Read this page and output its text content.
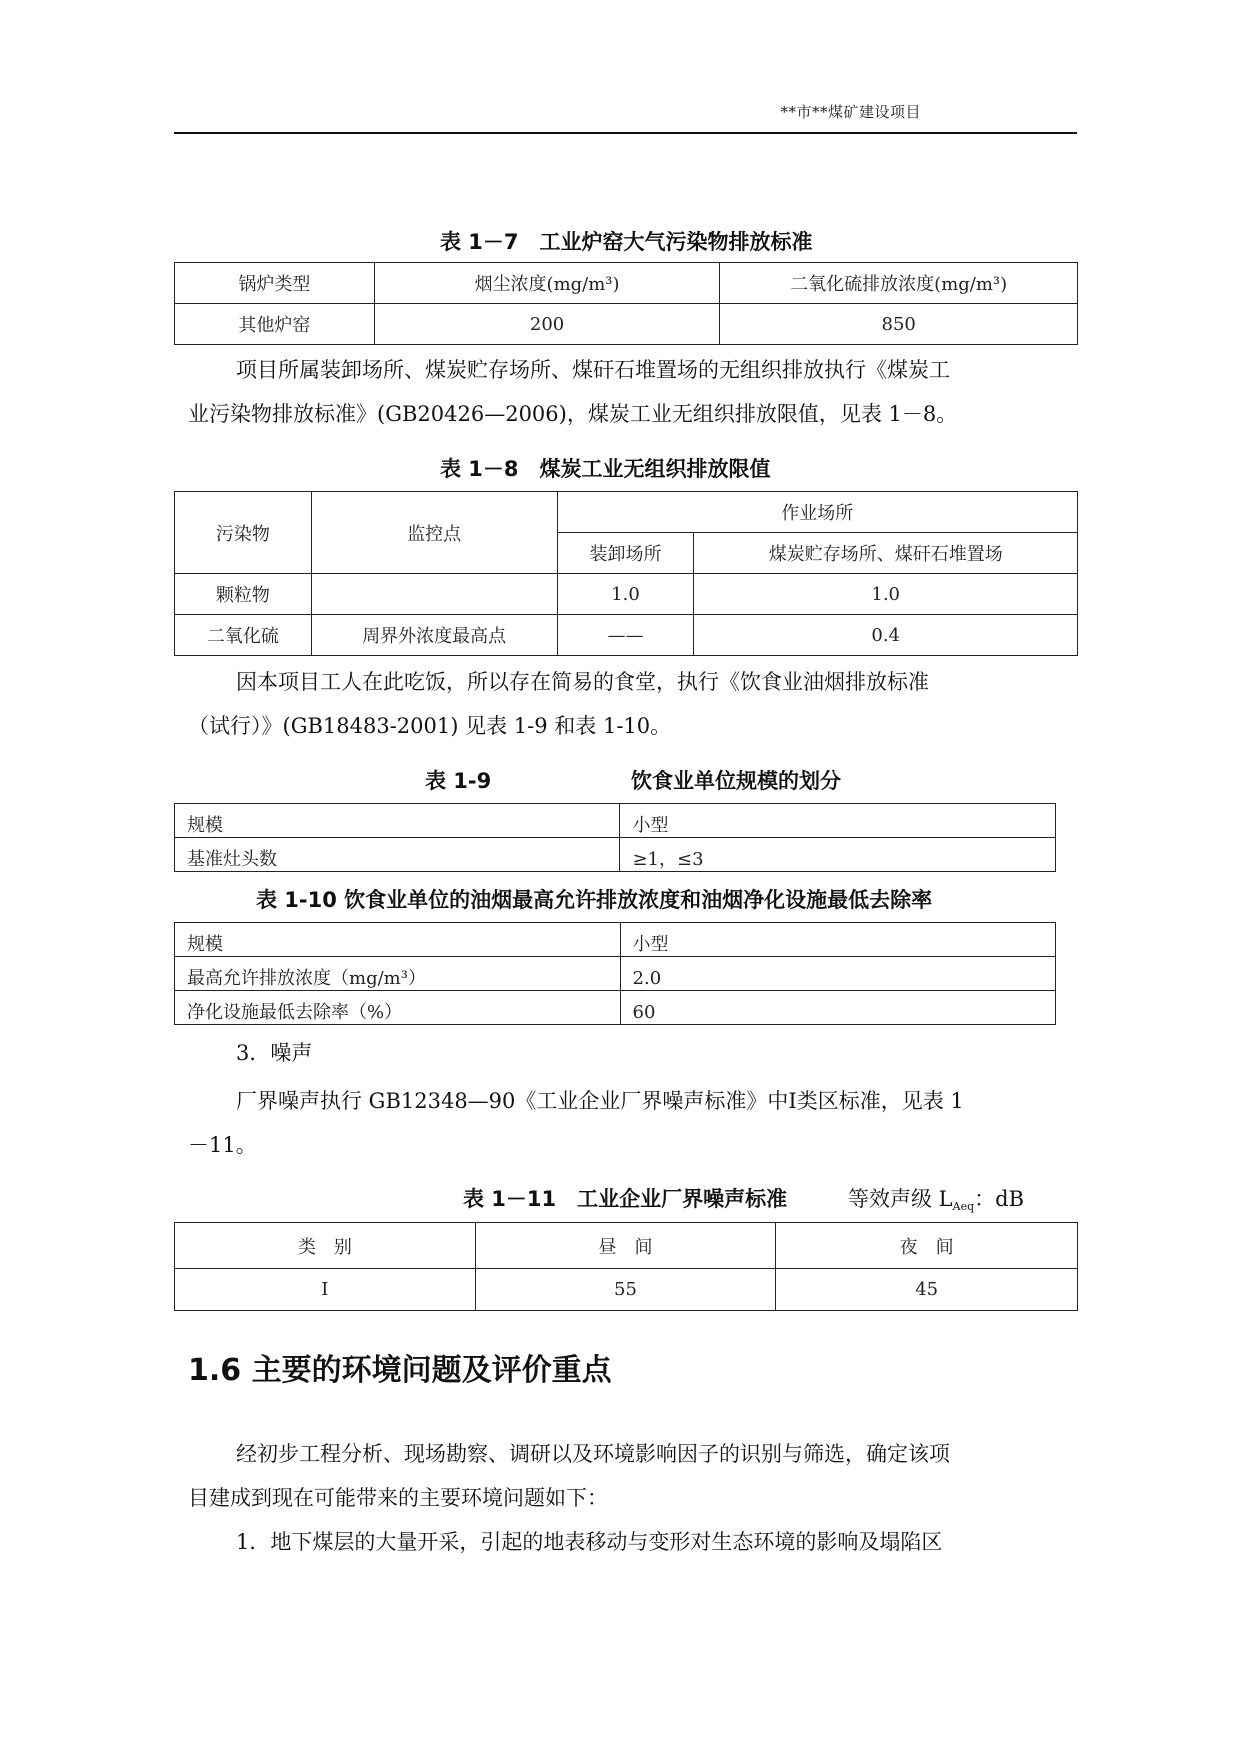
**市**煤矿建设项目
表 1－7　工业炉窑大气污染物排放标准
锅炉类型	烟尘浓度(mg/m³)	二氧化硫排放浓度(mg/m³)
其他炉窑	200	850
项目所属装卸场所、煤炭贮存场所、煤矸石堆置场的无组织排放执行《煤炭工
业污染物排放标准》(GB20426—2006)，煤炭工业无组织排放限值，见表 1－8。
表 1－8　煤炭工业无组织排放限值
污染物	监控点	作业场所	
		装卸场所	煤炭贮存场所、煤矸石堆置场
颗粒物		1.0	1.0
二氧化硫	周界外浓度最高点	——	0.4
因本项目工人在此吃饭，所以存在简易的食堂，执行《饮食业油烟排放标准
（试行）》(GB18483-2001) 见表 1-9 和表 1-10。
表 1-9	饮食业单位规模的划分
规模	小型
基准灶头数	≥1，≤3
表 1-10 饮食业单位的油烟最高允许排放浓度和油烟净化设施最低去除率
规模	小型
最高允许排放浓度（mg/m³）	2.0
净化设施最低去除率（%）	60
3．噪声
厂界噪声执行 GB12348—90《工业企业厂界噪声标准》中Ⅰ类区标准，见表 1
－11。
表 1－11　工业企业厂界噪声标准	等效声级 LAeq：dB
类　别	昼　间	夜　间
Ⅰ	55	45
1.6 主要的环境问题及评价重点
经初步工程分析、现场勘察、调研以及环境影响因子的识别与筛选，确定该项
目建成到现在可能带来的主要环境问题如下：
1．地下煤层的大量开采，引起的地表移动与变形对生态环境的影响及塌陷区
